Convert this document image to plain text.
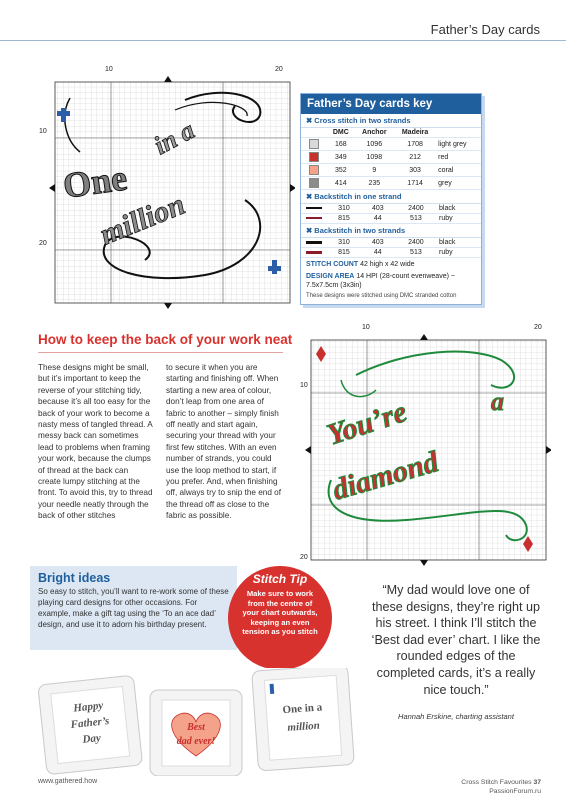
Father’s Day cards
One
in a
million
10	20
10
20
Father’s Day cards key
✖ Cross stitch in two strands
	DMC	Anchor	Madeira	
	168	1096	1708	light grey
	349	1098	212	red
	352	9	303	coral
	414	235	1714	grey
✖ Backstitch in one strand
	310	403	2400	black
	815	44	513	ruby
✖ Backstitch in two strands
	310	403	2400	black
	815	44	513	ruby
STITCH COUNT 42 high x 42 wide
DESIGN AREA 14 HPI (28-count evenweave) ~ 7.5x7.5cm (3x3in)
These designs were stitched using DMC stranded cotton
How to keep the back of your work neat
These designs might be small, but it’s important to keep the reverse of your stitching tidy, because it’s all too easy for the back of your work to become a nasty mess of tangled thread. A messy back can sometimes lead to problems when framing your work, because the clumps of thread at the back can create lumpy stitching at the front. To avoid this, try to thread your needle neatly through the back of other stitches
to secure it when you are starting and finishing off. When starting a new area of colour, don’t leap from one area of fabric to another – simply finish off neatly and start again, securing your thread with your first few stitches. With an even number of strands, you could use the loop method to start, if you prefer. And, when finishing off, always try to snip the end of the thread off as close to the fabric as possible.
You’re	a
diamond
10	20
10
20
Bright ideas
So easy to stitch, you’ll want to re-work some of these playing card designs for other occasions. For example, make a gift tag using the ‘To an ace dad’ design, and use it to adorn his birthday present.
Stitch Tip
Make sure to work from the centre of your chart outwards, keeping an even tension as you stitch
“My dad would love one of these designs, they’re right up his street. I think I’ll stitch the ‘Best dad ever’ chart. I like the rounded edges of the completed cards, it’s a really nice touch.”
Hannah Erskine, charting assistant
Happy
Father’s
Day
Best
dad ever!
One in a
million
www.gathered.how	Cross Stitch Favourites 37
PassionForum.ru
